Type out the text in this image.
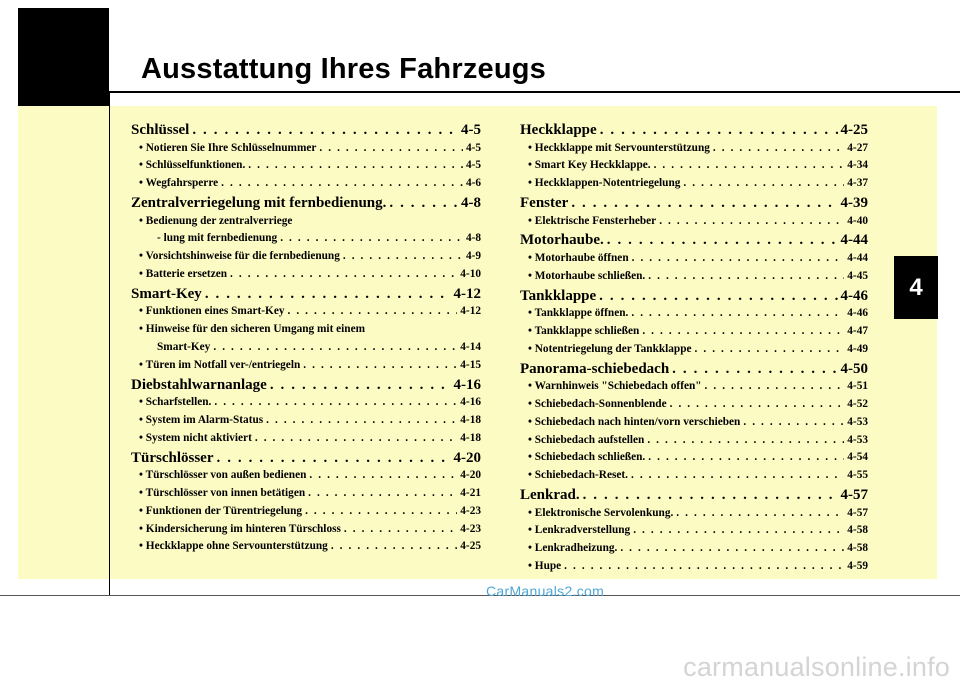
Ausstattung Ihres Fahrzeugs
4
Schlüssel . . .	4-5
• Notieren Sie Ihre Schlüsselnummer . . .	4-5
• Schlüsselfunktionen. . . .	4-5
• Wegfahrsperre . . .	4-6
Zentralverriegelung mit fernbedienung. . . .	4-8
• Bedienung der zentralverriege
- lung mit fernbedienung . . .	4-8
• Vorsichtshinweise für die fernbedienung . . .	4-9
• Batterie ersetzen . . .	4-10
Smart-Key . . .	4-12
• Funktionen eines Smart-Key . . .	4-12
• Hinweise für den sicheren Umgang mit einem
Smart-Key . . .	4-14
• Türen im Notfall ver-/entriegeln . . .	4-15
Diebstahlwarnanlage . . .	4-16
• Scharfstellen. . . .	4-16
• System im Alarm-Status . . .	4-18
• System nicht aktiviert . . .	4-18
Türschlösser . . .	4-20
• Türschlösser von außen bedienen . . .	4-20
• Türschlösser von innen betätigen . . .	4-21
• Funktionen der Türentriegelung . . .	4-23
• Kindersicherung im hinteren Türschloss . . .	4-23
• Heckklappe ohne Servounterstützung . . .	4-25
Heckklappe . . .	4-25
• Heckklappe mit Servounterstützung . . .	4-27
• Smart Key Heckklappe. . . .	4-34
• Heckklappen-Notentriegelung . . .	4-37
Fenster . . .	4-39
• Elektrische Fensterheber . . .	4-40
Motorhaube. . . .	4-44
• Motorhaube öffnen . . .	4-44
• Motorhaube schließen. . . .	4-45
Tankklappe . . .	4-46
• Tankklappe öffnen. . . .	4-46
• Tankklappe schließen . . .	4-47
• Notentriegelung der Tankklappe . . .	4-49
Panorama-schiebedach . . .	4-50
• Warnhinweis "Schiebedach offen" . . .	4-51
• Schiebedach-Sonnenblende . . .	4-52
• Schiebedach nach hinten/vorn verschieben . . .	4-53
• Schiebedach aufstellen . . .	4-53
• Schiebedach schließen. . . .	4-54
• Schiebedach-Reset. . . .	4-55
Lenkrad. . . .	4-57
• Elektronische Servolenkung. . . .	4-57
• Lenkradverstellung . . .	4-58
• Lenkradheizung. . . .	4-58
• Hupe . . .	4-59
CarManuals2.com
carmanualsonline.info
